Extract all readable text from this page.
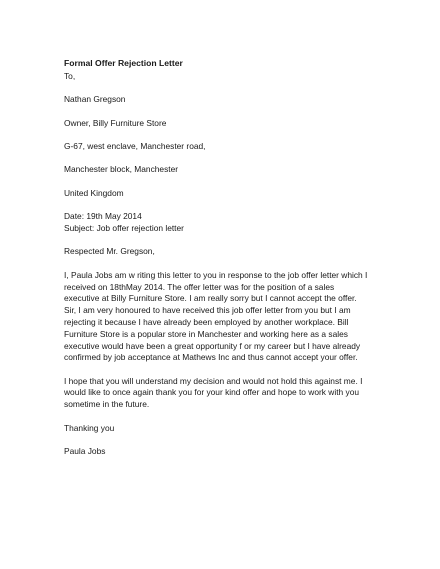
Formal Offer Rejection Letter
To,
Nathan Gregson
Owner, Billy Furniture Store
G-67, west enclave, Manchester road,
Manchester block, Manchester
United Kingdom
Date: 19th May 2014
Subject: Job offer rejection letter
Respected Mr. Gregson,
I, Paula Jobs am w riting this letter to you in response to the job offer letter which I
received on 18thMay 2014. The offer letter was for the position of a sales
executive at Billy Furniture Store. I am really sorry but I cannot accept the offer.
Sir, I am very honoured to have received this job offer letter from you but I am
rejecting it because I have already been employed by another workplace. Bill
Furniture Store is a popular store in Manchester and working here as a sales
executive would have been a great opportunity f or my career but I have already
confirmed by job acceptance at Mathews Inc and thus cannot accept your offer.
I hope that you will understand my decision and would not hold this against me. I
would like to once again thank you for your kind offer and hope to work with you
sometime in the future.
Thanking you
Paula Jobs
